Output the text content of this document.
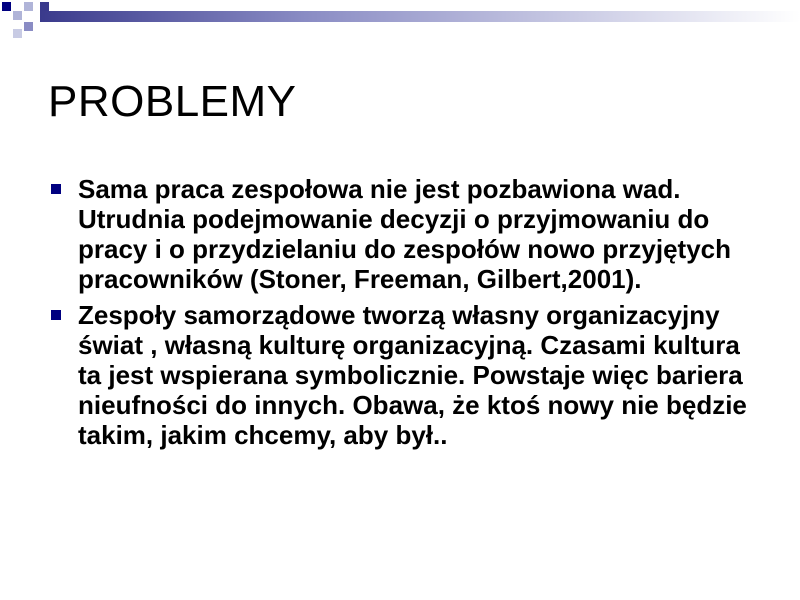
PROBLEMY
Sama praca zespołowa nie jest pozbawiona wad. Utrudnia podejmowanie decyzji o przyjmowaniu do pracy i o przydzielaniu do zespołów nowo przyjętych pracowników (Stoner, Freeman, Gilbert,2001).
Zespoły samorządowe tworzą własny organizacyjny świat , własną kulturę organizacyjną. Czasami kultura ta jest wspierana symbolicznie. Powstaje więc bariera nieufności do innych. Obawa, że ktoś nowy nie będzie takim, jakim chcemy, aby był..
